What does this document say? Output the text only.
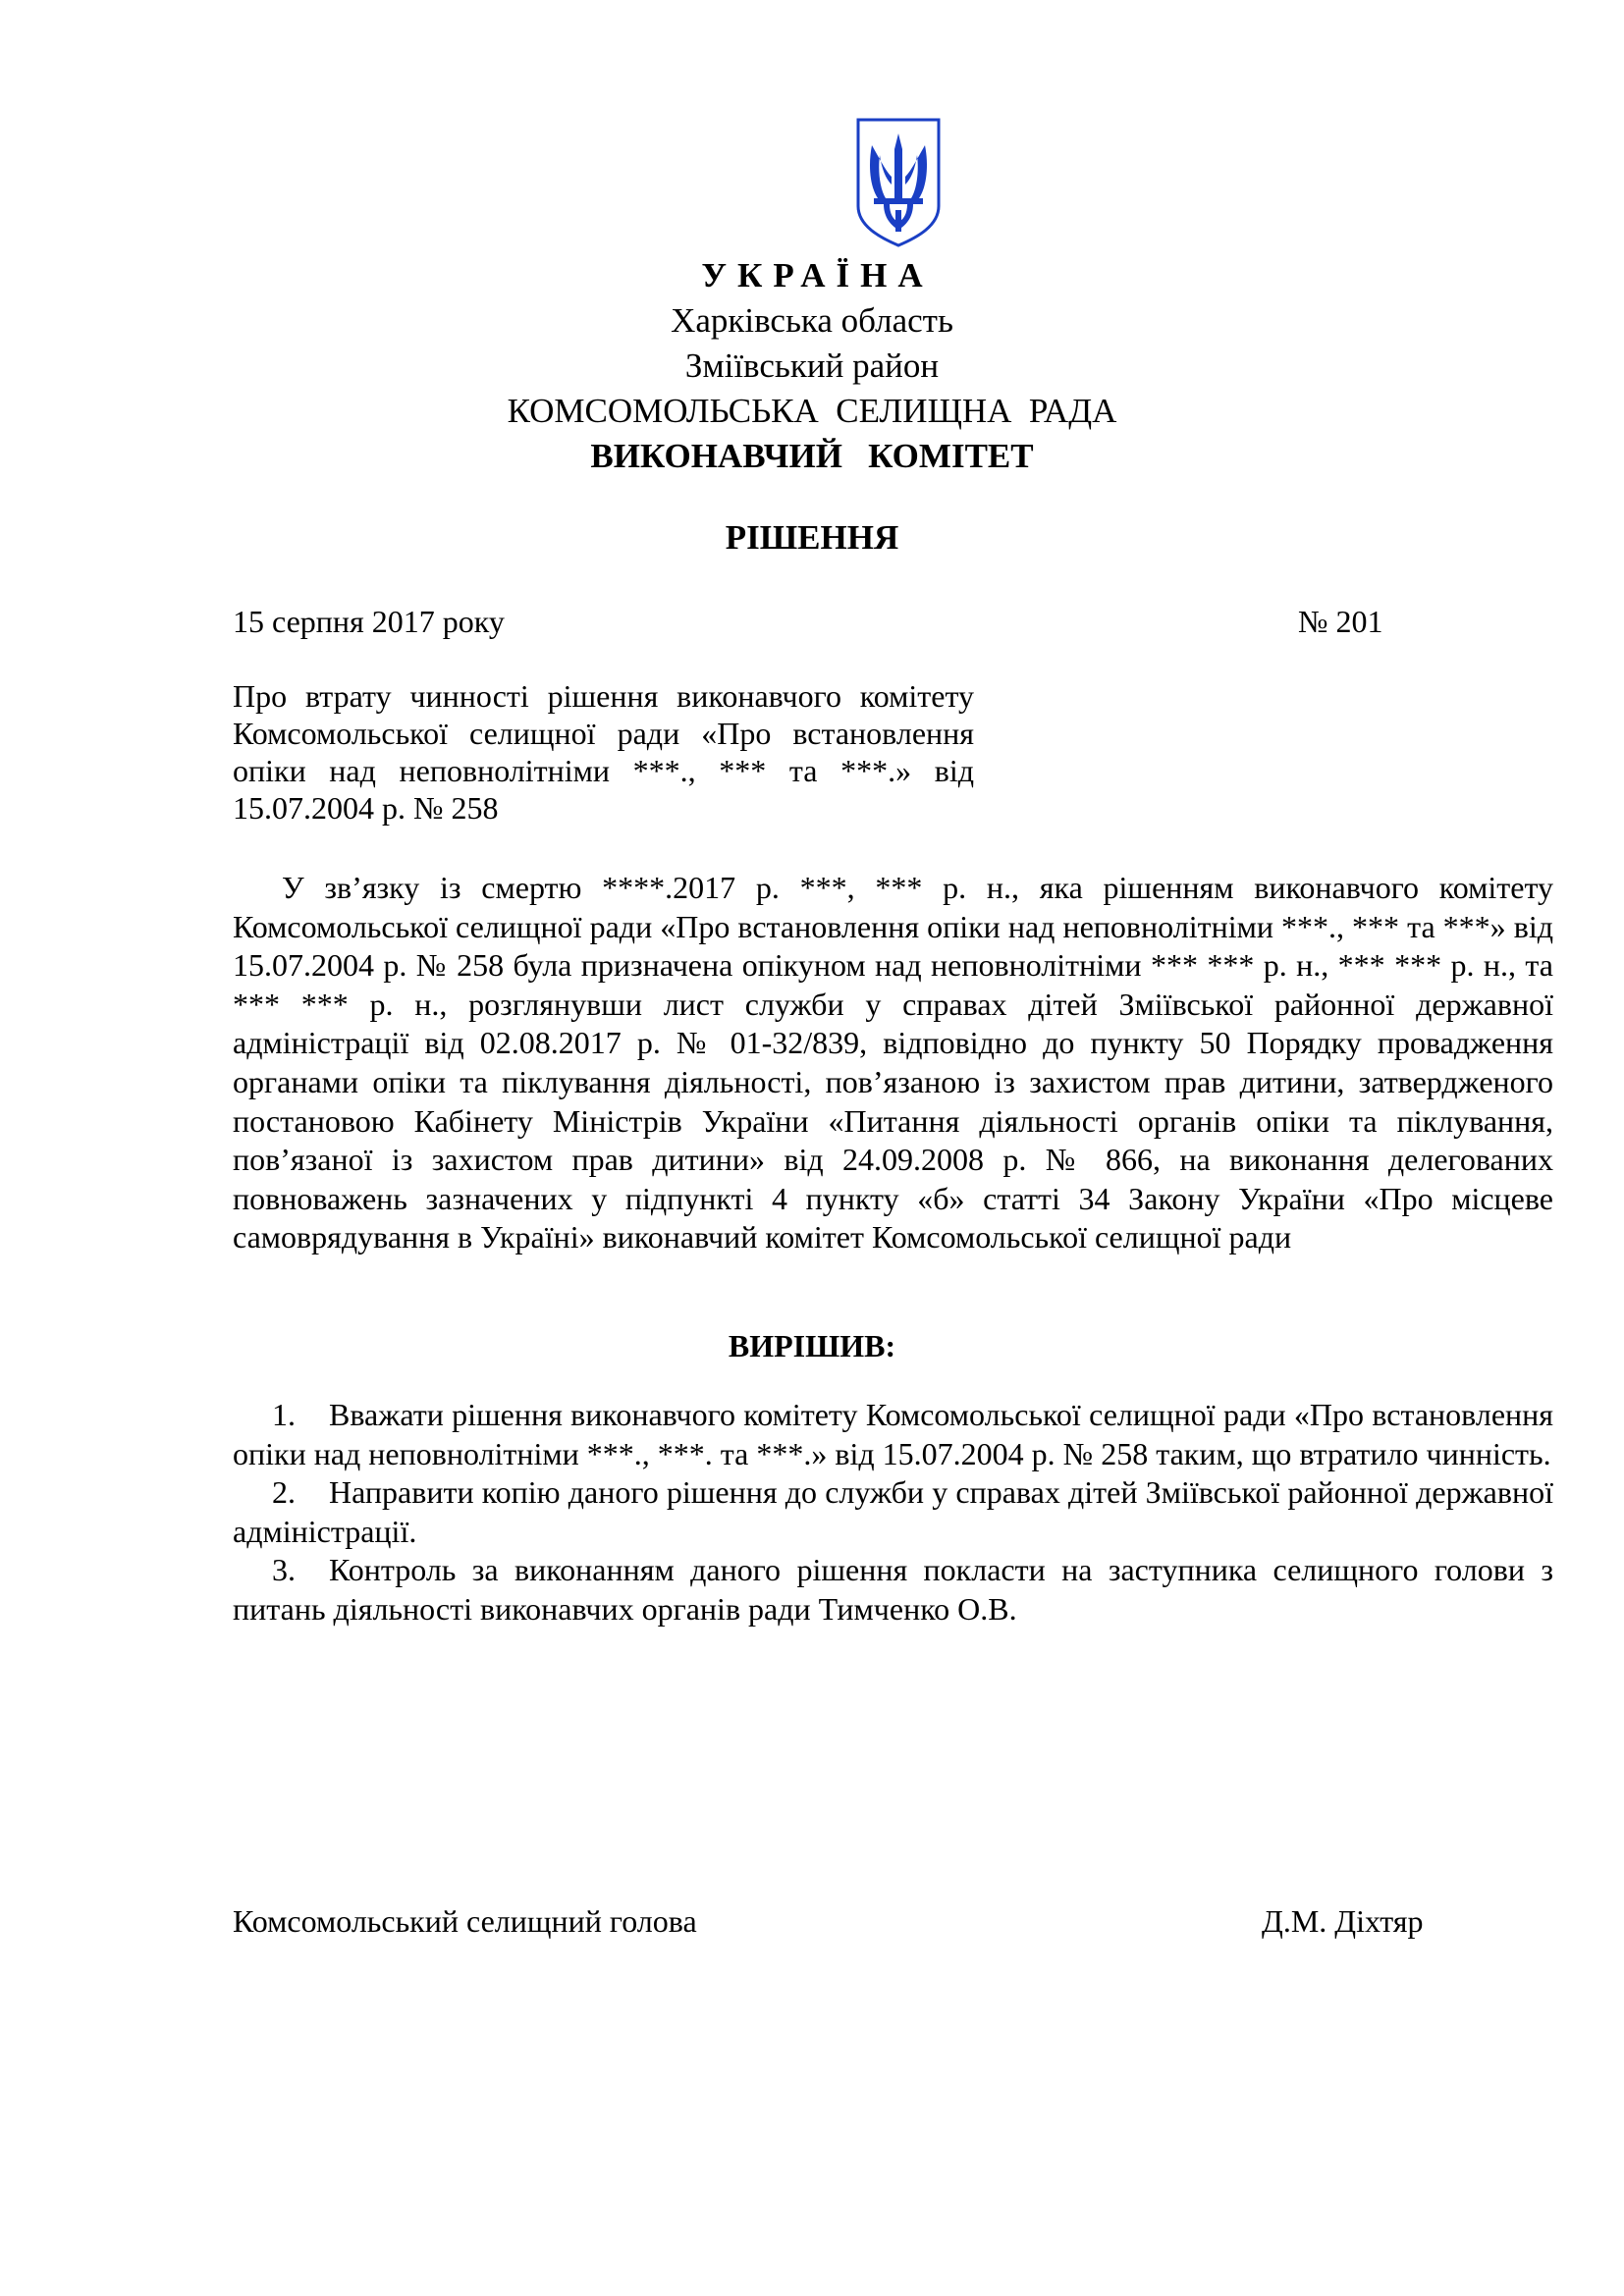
УКРАЇНА
Харківська область
Зміївський район
КОМСОМОЛЬСЬКА  СЕЛИЩНА  РАДА
ВИКОНАВЧИЙ   КОМІТЕТ
РІШЕННЯ
15 серпня 2017 року	№ 201
Про втрату чинності рішення виконавчого комітету Комсомольської селищної ради «Про встановлення опіки над неповнолітніми ***., *** та ***.» від 15.07.2004 р. № 258

У зв’язку із смертю ****.2017 р. ***, *** р. н., яка рішенням виконавчого комітету Комсомольської селищної ради «Про встановлення опіки над неповнолітніми ***., *** та ***» від 15.07.2004 р. № 258 була призначена опікуном над неповнолітніми *** *** р. н., *** *** р. н., та *** *** р. н., розглянувши лист служби у справах дітей Зміївської районної державної адміністрації від 02.08.2017 р. № 01-32/839, відповідно до пункту 50 Порядку провадження органами опіки та піклування діяльності, пов’язаною із захистом прав дитини, затвердженого постановою Кабінету Міністрів України «Питання діяльності органів опіки та піклування, пов’язаної із захистом прав дитини» від 24.09.2008 р. № 866, на виконання делегованих повноважень зазначених у підпункті 4 пункту «б» статті 34 Закону України «Про місцеве самоврядування в Україні» виконавчий комітет Комсомольської селищної ради

ВИРІШИВ:

1. Вважати рішення виконавчого комітету Комсомольської селищної ради «Про встановлення опіки над неповнолітніми ***., ***. та ***.» від 15.07.2004 р. № 258 таким, що втратило чинність.

2. Направити копію даного рішення до служби у справах дітей Зміївської районної державної адміністрації.

3. Контроль за виконанням даного рішення покласти на заступника селищного голови з питань діяльності виконавчих органів ради Тимченко О.В.

Комсомольський селищний голова	Д.М. Діхтяр
